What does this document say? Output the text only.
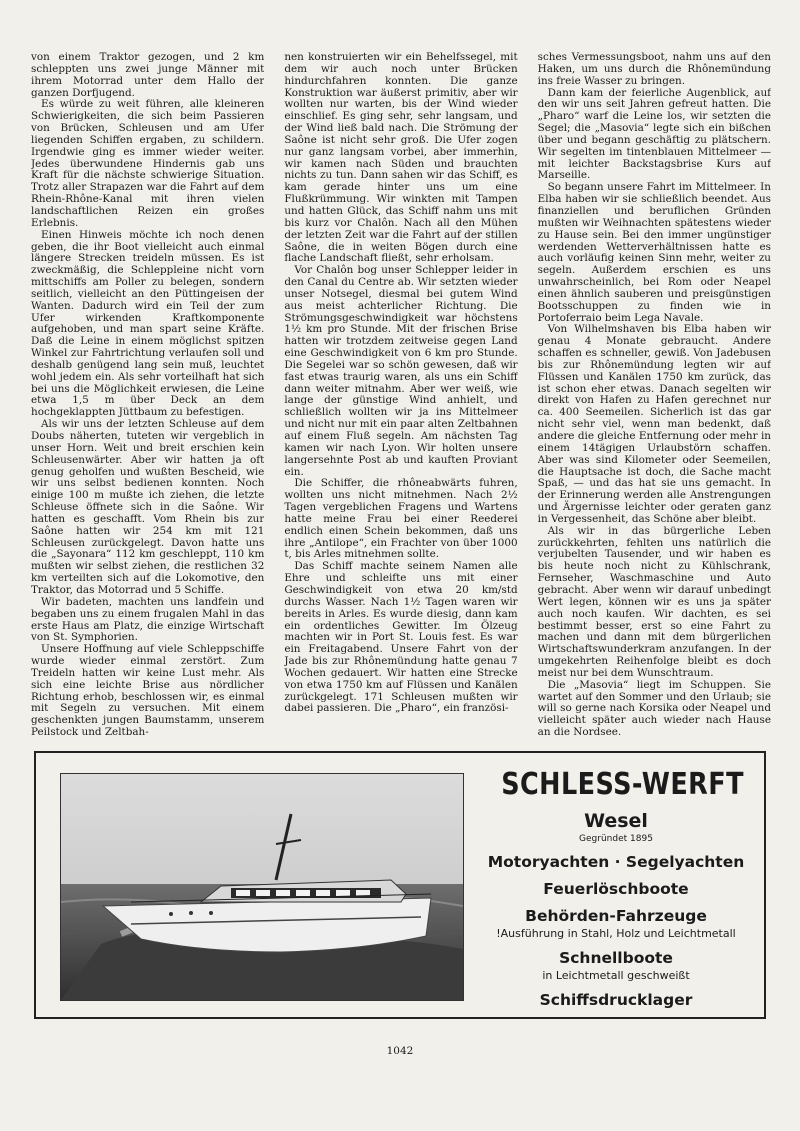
von einem Traktor gezogen, und 2 km schleppten uns zwei junge Männer mit ihrem Motorrad unter dem Hallo der ganzen Dorfjugend.

Es würde zu weit führen, alle kleineren Schwierigkeiten, die sich beim Passieren von Brücken, Schleusen und am Ufer liegenden Schiffen ergaben, zu schildern. Irgendwie ging es immer wieder weiter. Jedes überwundene Hindernis gab uns Kraft für die nächste schwierige Situation. Trotz aller Strapazen war die Fahrt auf dem Rhein-Rhône-Kanal mit ihren vielen landschaftlichen Reizen ein großes Erlebnis.

Einen Hinweis möchte ich noch denen geben, die ihr Boot vielleicht auch einmal längere Strecken treideln müssen. Es ist zweckmäßig, die Schleppleine nicht vorn mittschiffs am Poller zu belegen, sondern seitlich, vielleicht an den Püttingeisen der Wanten. Dadurch wird ein Teil der zum Ufer wirkenden Kraftkomponente aufgehoben, und man spart seine Kräfte. Daß die Leine in einem möglichst spitzen Winkel zur Fahrtrichtung verlaufen soll und deshalb genügend lang sein muß, leuchtet wohl jedem ein. Als sehr vorteilhaft hat sich bei uns die Möglichkeit erwiesen, die Leine etwa 1,5 m über Deck an dem hochgeklappten Jüttbaum zu befestigen.

Als wir uns der letzten Schleuse auf dem Doubs näherten, tuteten wir vergeblich in unser Horn. Weit und breit erschien kein Schleusenwärter. Aber wir hatten ja oft genug geholfen und wußten Bescheid, wie wir uns selbst bedienen konnten. Noch einige 100 m mußte ich ziehen, die letzte Schleuse öffnete sich in die Saône. Wir hatten es geschafft. Vom Rhein bis zur Saône hatten wir 254 km mit 121 Schleusen zurückgelegt. Davon hatte uns die „Sayonara“ 112 km geschleppt, 110 km mußten wir selbst ziehen, die restlichen 32 km verteilten sich auf die Lokomotive, den Traktor, das Motorrad und 5 Schiffe.

Wir badeten, machten uns landfein und begaben uns zu einem frugalen Mahl in das erste Haus am Platz, die einzige Wirtschaft von St. Symphorien.

Unsere Hoffnung auf viele Schleppschiffe wurde wieder einmal zerstört. Zum Treideln hatten wir keine Lust mehr. Als sich eine leichte Brise aus nördlicher Richtung erhob, beschlossen wir, es einmal mit Segeln zu versuchen. Mit einem geschenkten jungen Baumstamm, unserem Peilstock und Zeltbah-

nen konstruierten wir ein Behelfssegel, mit dem wir auch noch unter Brücken hindurchfahren konnten. Die ganze Konstruktion war äußerst primitiv, aber wir wollten nur warten, bis der Wind wieder einschlief. Es ging sehr, sehr langsam, und der Wind ließ bald nach. Die Strömung der Saône ist nicht sehr groß. Die Ufer zogen nur ganz langsam vorbei, aber immerhin, wir kamen nach Süden und brauchten nichts zu tun. Dann sahen wir das Schiff, es kam gerade hinter uns um eine Flußkrümmung. Wir winkten mit Tampen und hatten Glück, das Schiff nahm uns mit bis kurz vor Chalôn. Nach all den Mühen der letzten Zeit war die Fahrt auf der stillen Saône, die in weiten Bögen durch eine flache Landschaft fließt, sehr erholsam.

Vor Chalôn bog unser Schlepper leider in den Canal du Centre ab. Wir setzten wieder unser Notsegel, diesmal bei gutem Wind aus meist achterlicher Richtung. Die Strömungsgeschwindigkeit war höchstens 1½ km pro Stunde. Mit der frischen Brise hatten wir trotzdem zeitweise gegen Land eine Geschwindigkeit von 6 km pro Stunde. Die Segelei war so schön gewesen, daß wir fast etwas traurig waren, als uns ein Schiff dann weiter mitnahm. Aber wer weiß, wie lange der günstige Wind anhielt, und schließlich wollten wir ja ins Mittelmeer und nicht nur mit ein paar alten Zeltbahnen auf einem Fluß segeln. Am nächsten Tag kamen wir nach Lyon. Wir holten unsere langersehnte Post ab und kauften Proviant ein.

Die Schiffer, die rhôneabwärts fuhren, wollten uns nicht mitnehmen. Nach 2½ Tagen vergeblichen Fragens und Wartens hatte meine Frau bei einer Reederei endlich einen Schein bekommen, daß uns ihre „Antilope“, ein Frachter von über 1000 t, bis Arles mitnehmen sollte.

Das Schiff machte seinem Namen alle Ehre und schleifte uns mit einer Geschwindigkeit von etwa 20 km/std durchs Wasser. Nach 1½ Tagen waren wir bereits in Arles. Es wurde diesig, dann kam ein ordentliches Gewitter. Im Ölzeug machten wir in Port St. Louis fest. Es war ein Freitagabend. Unsere Fahrt von der Jade bis zur Rhônemündung hatte genau 7 Wochen gedauert. Wir hatten eine Strecke von etwa 1750 km auf Flüssen und Kanälen zurückgelegt. 171 Schleusen mußten wir dabei passieren. Die „Pharo“, ein französi-

sches Vermessungsboot, nahm uns auf den Haken, um uns durch die Rhônemündung ins freie Wasser zu bringen.

Dann kam der feierliche Augenblick, auf den wir uns seit Jahren gefreut hatten. Die „Pharo“ warf die Leine los, wir setzten die Segel; die „Masovia“ legte sich ein bißchen über und begann geschäftig zu plätschern. Wir segelten im tintenblauen Mittelmeer — mit leichter Backstagsbrise Kurs auf Marseille.

So begann unsere Fahrt im Mittelmeer. In Elba haben wir sie schließlich beendet. Aus finanziellen und beruflichen Gründen mußten wir Weihnachten spätestens wieder zu Hause sein. Bei den immer ungünstiger werdenden Wetterverhältnissen hatte es auch vorläufig keinen Sinn mehr, weiter zu segeln. Außerdem erschien es uns unwahrscheinlich, bei Rom oder Neapel einen ähnlich sauberen und preisgünstigen Bootsschuppen zu finden wie in Portoferraio beim Lega Navale.

Von Wilhelmshaven bis Elba haben wir genau 4 Monate gebraucht. Andere schaffen es schneller, gewiß. Von Jadebusen bis zur Rhônemündung legten wir auf Flüssen und Kanälen 1750 km zurück, das ist schon eher etwas. Danach segelten wir direkt von Hafen zu Hafen gerechnet nur ca. 400 Seemeilen. Sicherlich ist das gar nicht sehr viel, wenn man bedenkt, daß andere die gleiche Entfernung oder mehr in einem 14tägigen Urlaubstörn schaffen. Aber was sind Kilometer oder Seemeilen, die Hauptsache ist doch, die Sache macht Spaß, — und das hat sie uns gemacht. In der Erinnerung werden alle Anstrengungen und Ärgernisse leichter oder geraten ganz in Vergessenheit, das Schöne aber bleibt.

Als wir in das bürgerliche Leben zurückkehrten, fehlten uns natürlich die verjubelten Tausender, und wir haben es bis heute noch nicht zu Kühlschrank, Fernseher, Waschmaschine und Auto gebracht. Aber wenn wir darauf unbedingt Wert legen, können wir es uns ja später auch noch kaufen. Wir dachten, es sei bestimmt besser, erst so eine Fahrt zu machen und dann mit dem bürgerlichen Wirtschaftswunderkram anzufangen. In der umgekehrten Reihenfolge bleibt es doch meist nur bei dem Wunschtraum.

Die „Masovia“ liegt im Schuppen. Sie wartet auf den Sommer und den Urlaub; sie will so gerne nach Korsika oder Neapel und vielleicht später auch wieder nach Hause an die Nordsee.

SCHLESS-WERFT
Wesel
Gegründet 1895
Motoryachten · Segelyachten
Feuerlöschboote
Behörden-Fahrzeuge
!Ausführung in Stahl, Holz und Leichtmetall
Schnellboote
in Leichtmetall geschweißt
Schiffsdrucklager
1042
